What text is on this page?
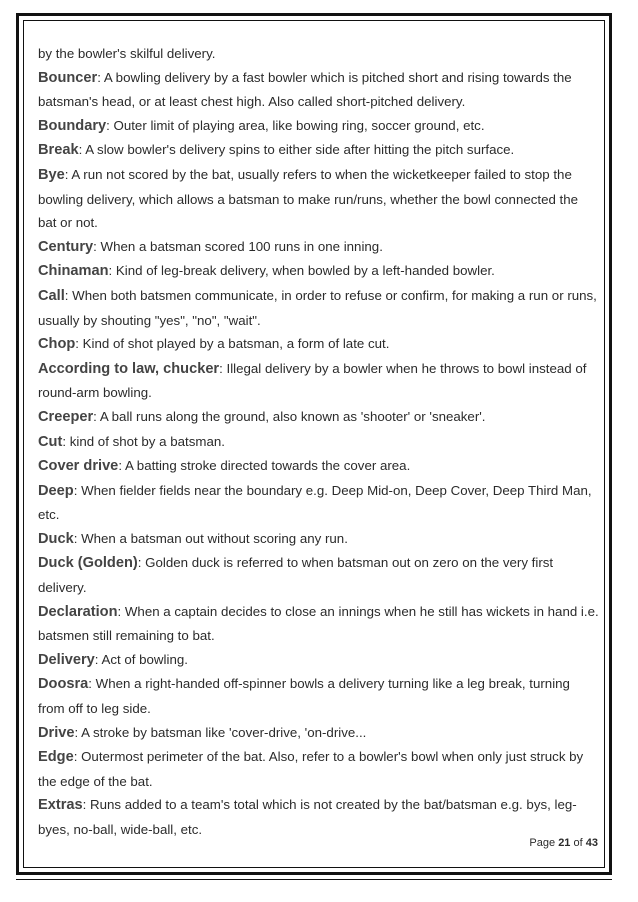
by the bowler's skilful delivery.

Bouncer: A bowling delivery by a fast bowler which is pitched short and rising towards the batsman's head, or at least chest high. Also called short-pitched delivery.

Boundary: Outer limit of playing area, like bowing ring, soccer ground, etc.

Break: A slow bowler's delivery spins to either side after hitting the pitch surface.

Bye: A run not scored by the bat, usually refers to when the wicketkeeper failed to stop the bowling delivery, which allows a batsman to make run/runs, whether the bowl connected the bat or not.

Century: When a batsman scored 100 runs in one inning.

Chinaman: Kind of leg-break delivery, when bowled by a left-handed bowler.

Call: When both batsmen communicate, in order to refuse or confirm, for making a run or runs, usually by shouting "yes", "no", "wait".

Chop: Kind of shot played by a batsman, a form of late cut.

According to law, chucker: Illegal delivery by a bowler when he throws to bowl instead of round-arm bowling.

Creeper: A ball runs along the ground, also known as 'shooter' or 'sneaker'.

Cut: kind of shot by a batsman.

Cover drive: A batting stroke directed towards the cover area.

Deep: When fielder fields near the boundary e.g. Deep Mid-on, Deep Cover, Deep Third Man, etc.

Duck: When a batsman out without scoring any run.

Duck (Golden): Golden duck is referred to when batsman out on zero on the very first delivery.

Declaration: When a captain decides to close an innings when he still has wickets in hand i.e. batsmen still remaining to bat.

Delivery: Act of bowling.

Doosra: When a right-handed off-spinner bowls a delivery turning like a leg break, turning from off to leg side.

Drive: A stroke by batsman like 'cover-drive, 'on-drive...

Edge: Outermost perimeter of the bat. Also, refer to a bowler's bowl when only just struck by the edge of the bat.

Extras: Runs added to a team's total which is not created by the bat/batsman e.g. bys, leg-byes, no-ball, wide-ball, etc.

Page 21 of 43
